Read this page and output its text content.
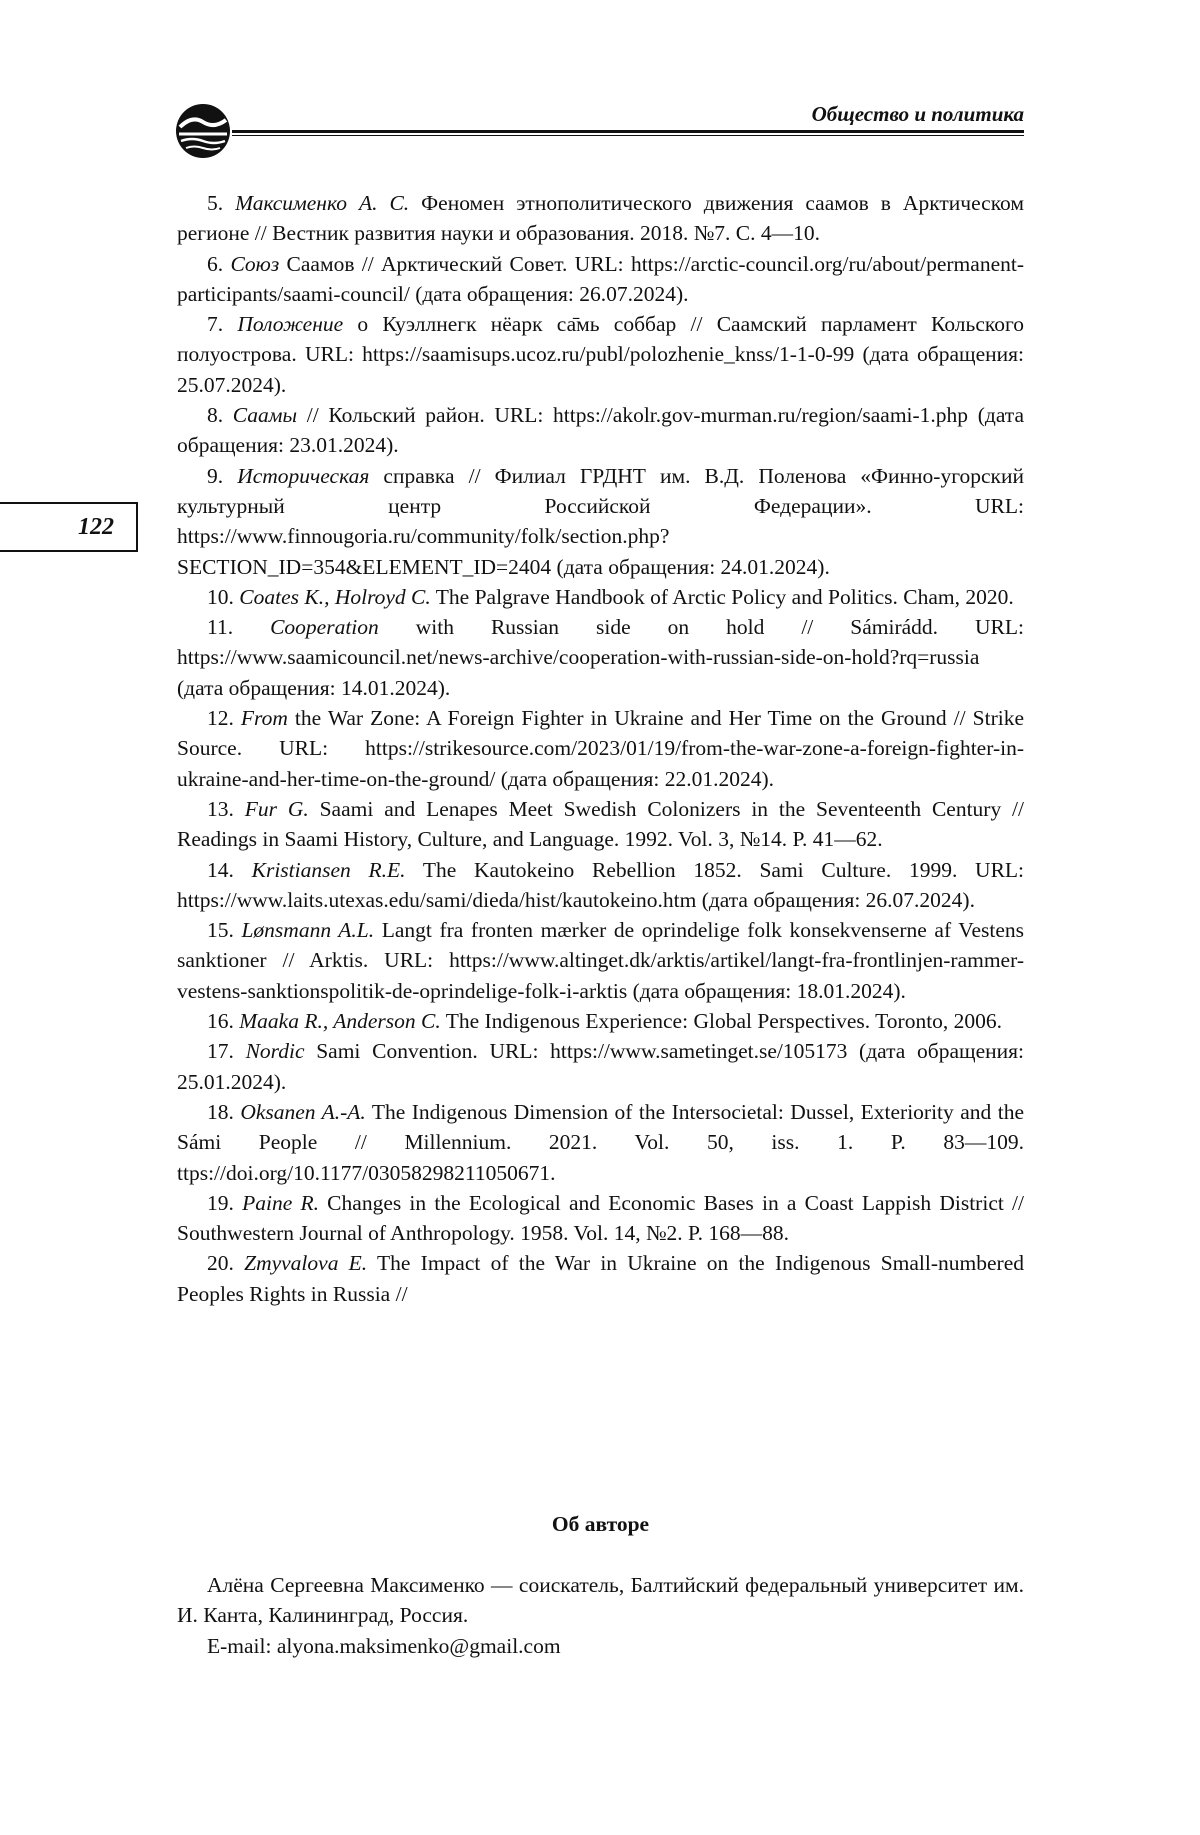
Общество и политика
122
5. Максименко А. С. Феномен этнополитического движения саамов в Арктическом регионе // Вестник развития науки и образования. 2018. №7. С. 4—10.
6. Союз Саамов // Арктический Совет. URL: https://arctic-council.org/ru/about/permanent-participants/saami-council/ (дата обращения: 26.07.2024).
7. Положение о Куэллнегк нёарк са̄мь соббар // Саамский парламент Кольского полуострова. URL: https://saamisups.ucoz.ru/publ/polozhenie_knss/1-1-0-99 (дата обращения: 25.07.2024).
8. Саамы // Кольский район. URL: https://akolr.gov-murman.ru/region/saami-1.php (дата обращения: 23.01.2024).
9. Историческая справка // Филиал ГРДНТ им. В.Д. Поленова «Финно-угорский культурный центр Российской Федерации». URL: https://www.finnougoria.ru/community/folk/section.php?SECTION_ID=354&ELEMENT_ID=2404 (дата обращения: 24.01.2024).
10. Coates K., Holroyd C. The Palgrave Handbook of Arctic Policy and Politics. Cham, 2020.
11. Cooperation with Russian side on hold // Sámirádd. URL: https://www.saamicouncil.net/news-archive/cooperation-with-russian-side-on-hold?rq=russia (дата обращения: 14.01.2024).
12. From the War Zone: A Foreign Fighter in Ukraine and Her Time on the Ground // Strike Source. URL: https://strikesource.com/2023/01/19/from-the-war-zone-a-foreign-fighter-in-ukraine-and-her-time-on-the-ground/ (дата обращения: 22.01.2024).
13. Fur G. Saami and Lenapes Meet Swedish Colonizers in the Seventeenth Century // Readings in Saami History, Culture, and Language. 1992. Vol. 3, №14. P. 41—62.
14. Kristiansen R.E. The Kautokeino Rebellion 1852. Sami Culture. 1999. URL: https://www.laits.utexas.edu/sami/dieda/hist/kautokeino.htm (дата обращения: 26.07.2024).
15. Lønsmann A.L. Langt fra fronten mærker de oprindelige folk konsekvenserne af Vestens sanktioner // Arktis. URL: https://www.altinget.dk/arktis/artikel/langt-fra-frontlinjen-rammer-vestens-sanktionspolitik-de-oprindelige-folk-i-arktis (дата обращения: 18.01.2024).
16. Maaka R., Anderson C. The Indigenous Experience: Global Perspectives. Toronto, 2006.
17. Nordic Sami Convention. URL: https://www.sametinget.se/105173 (дата обращения: 25.01.2024).
18. Oksanen A.-A. The Indigenous Dimension of the Intersocietal: Dussel, Exteriority and the Sámi People // Millennium. 2021. Vol. 50, iss. 1. P. 83—109. ttps://doi.org/10.1177/03058298211050671.
19. Paine R. Changes in the Ecological and Economic Bases in a Coast Lappish District // Southwestern Journal of Anthropology. 1958. Vol. 14, №2. P. 168—88.
20. Zmyvalova E. The Impact of the War in Ukraine on the Indigenous Small-numbered Peoples Rights in Russia //
Об авторе

Алёна Сергеевна Максименко — соискатель, Балтийский федеральный университет им. И. Канта, Калининград, Россия.

E-mail: alyona.maksimenko@gmail.com
